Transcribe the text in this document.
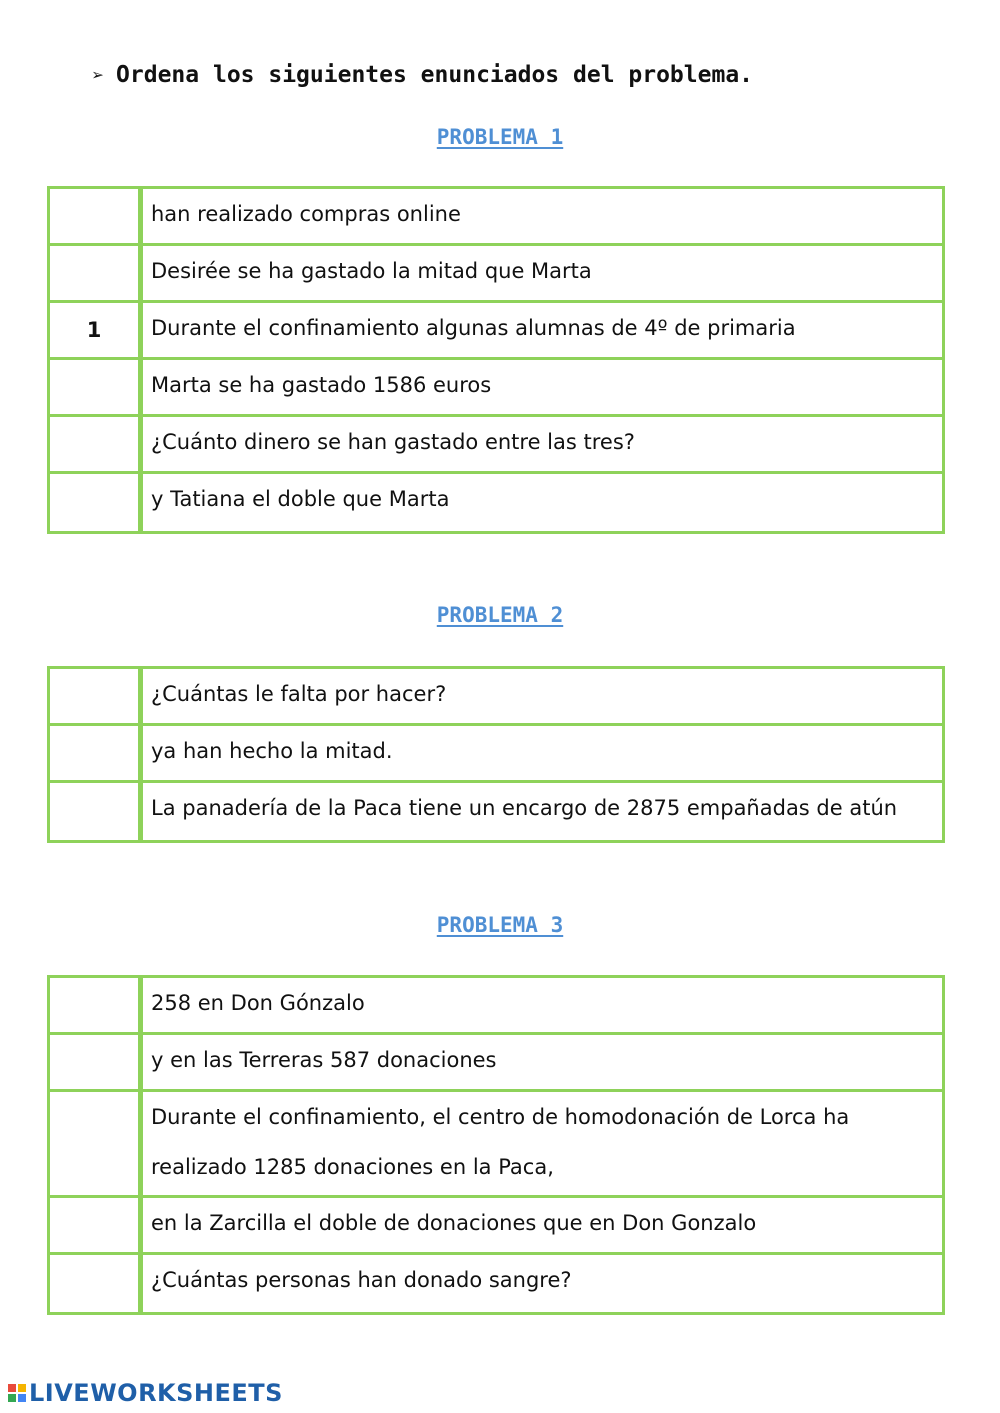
➢ Ordena los siguientes enunciados del problema.
PROBLEMA 1
han realizado compras online
Desirée se ha gastado la mitad que Marta
1	Durante el confinamiento algunas alumnas de 4º de primaria
Marta se ha gastado 1586 euros
¿Cuánto dinero se han gastado entre las tres?
y Tatiana el doble que Marta
PROBLEMA 2
¿Cuántas le falta por hacer?
ya han hecho la mitad.
La panadería de la Paca tiene un encargo de 2875 empañadas de atún
PROBLEMA 3
258 en Don Gónzalo
y en las Terreras 587 donaciones
Durante el confinamiento, el centro de homodonación de Lorca ha
realizado 1285 donaciones en la Paca,
en la Zarcilla el doble de donaciones que en Don Gonzalo
¿Cuántas personas han donado sangre?
LIVEWORKSHEETS
